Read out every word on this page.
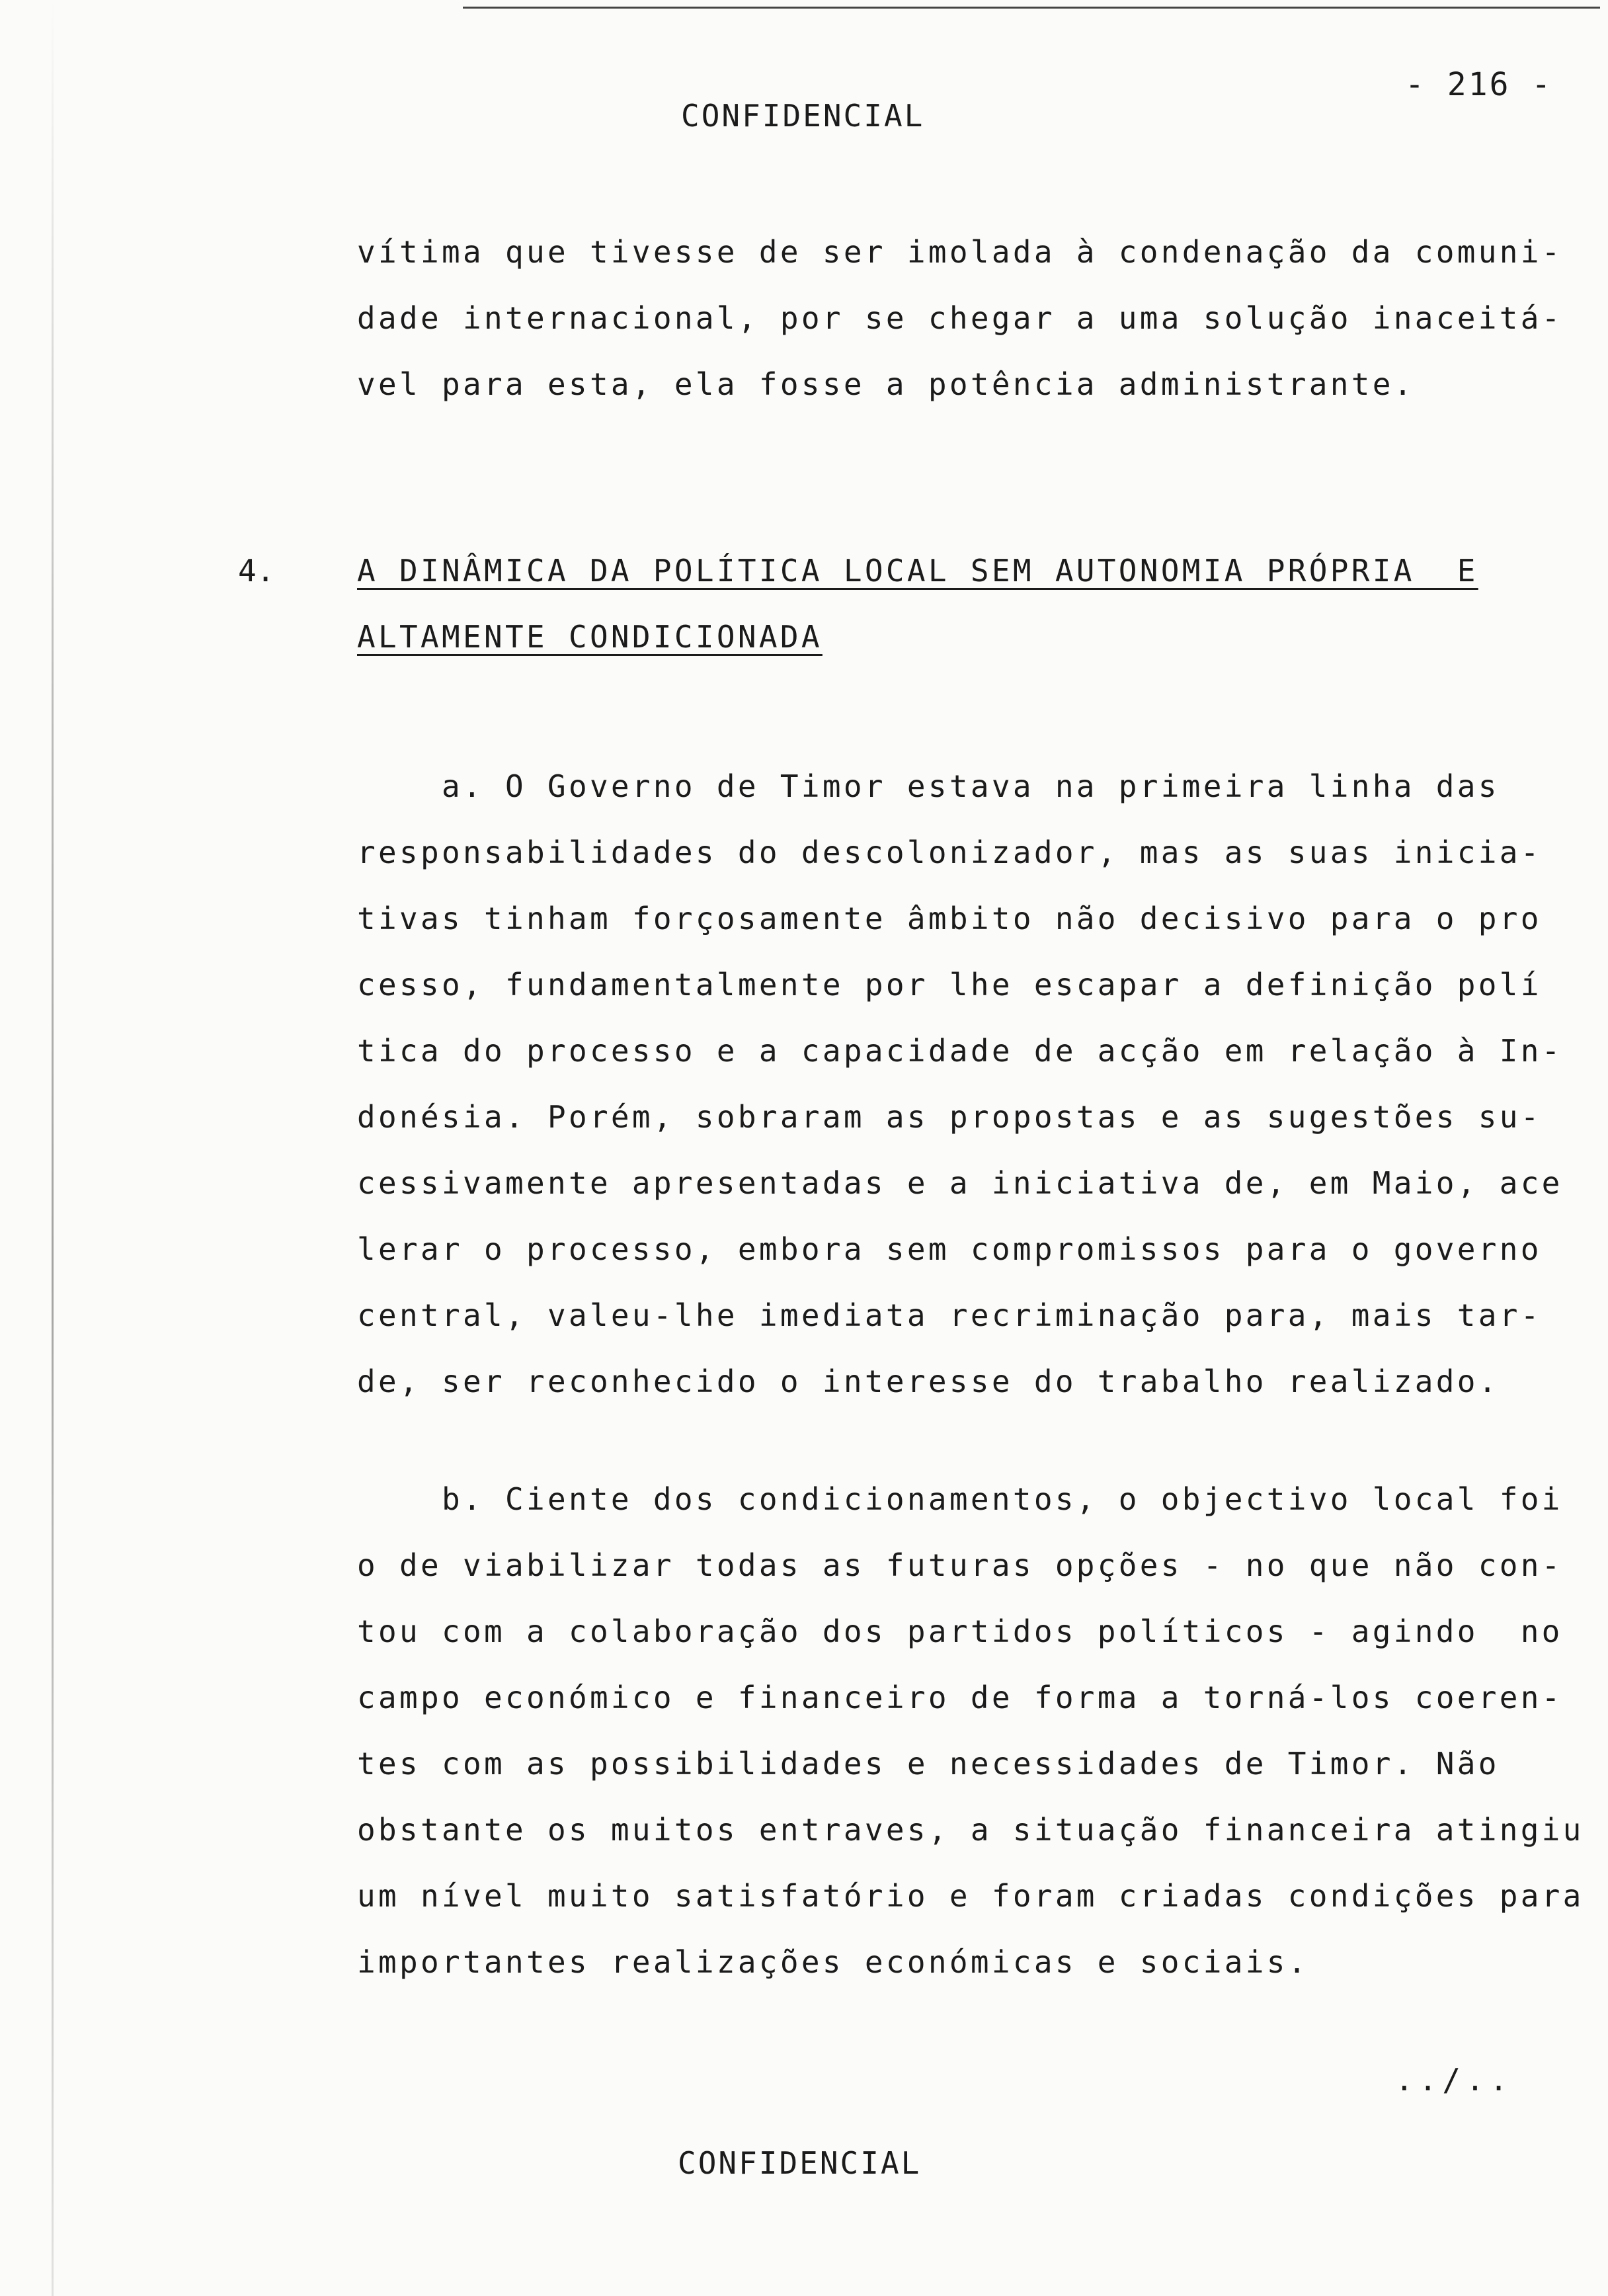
- 216 -
CONFIDENCIAL
vítima que tivesse de ser imolada à condenação da comuni-
dade internacional, por se chegar a uma solução inaceitá-
vel para esta, ela fosse a potência administrante.
4.	A DINÂMICA DA POLÍTICA LOCAL SEM AUTONOMIA PRÓPRIA  E
ALTAMENTE CONDICIONADA
a. O Governo de Timor estava na primeira linha das
responsabilidades do descolonizador, mas as suas inicia-
tivas tinham forçosamente âmbito não decisivo para o pro
cesso, fundamentalmente por lhe escapar a definição polí
tica do processo e a capacidade de acção em relação à In-
donésia. Porém, sobraram as propostas e as sugestões su-
cessivamente apresentadas e a iniciativa de, em Maio, ace
lerar o processo, embora sem compromissos para o governo
central, valeu-lhe imediata recriminação para, mais tar-
de, ser reconhecido o interesse do trabalho realizado.
b. Ciente dos condicionamentos, o objectivo local foi
o de viabilizar todas as futuras opções - no que não con-
tou com a colaboração dos partidos políticos - agindo  no
campo económico e financeiro de forma a torná-los coeren-
tes com as possibilidades e necessidades de Timor. Não
obstante os muitos entraves, a situação financeira atingiu
um nível muito satisfatório e foram criadas condições para
importantes realizações económicas e sociais.
../..
CONFIDENCIAL
